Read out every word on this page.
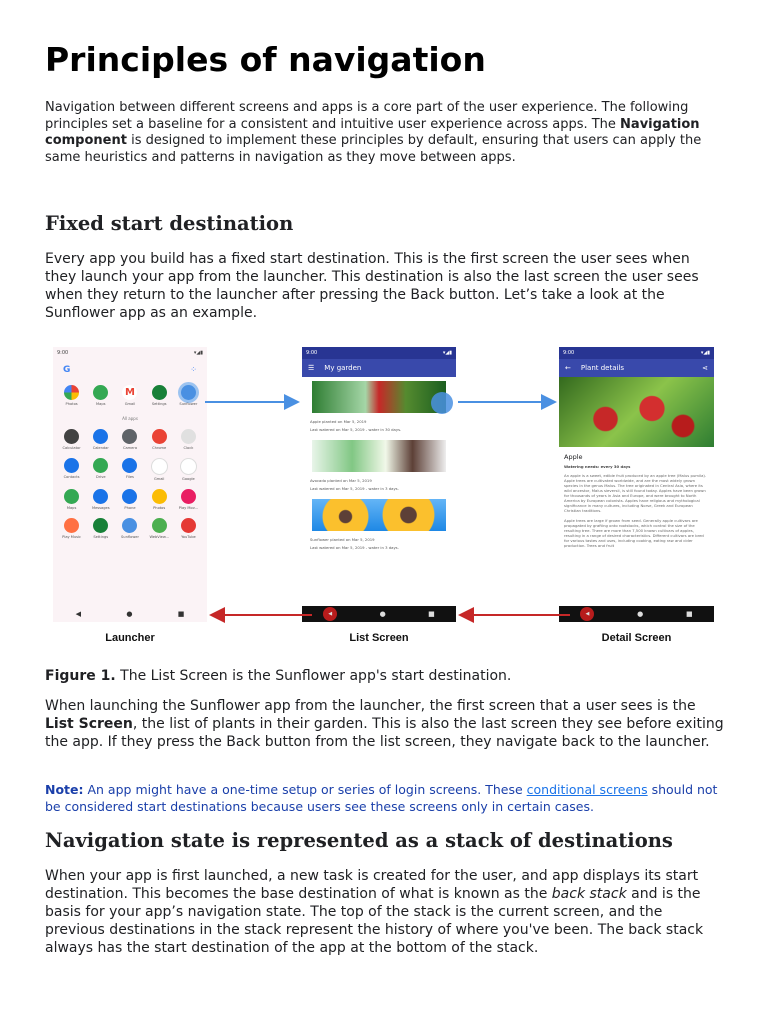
Principles of navigation

Navigation between different screens and apps is a core part of the user experience. The following principles set a baseline for a consistent and intuitive user experience across apps. The Navigation component is designed to implement these principles by default, ensuring that users can apply the same heuristics and patterns in navigation as they move between apps.

Fixed start destination

Every app you build has a fixed start destination. This is the first screen the user sees when they launch your app from the launcher. This destination is also the last screen the user sees when they return to the launcher after pressing the Back button. Let’s take a look at the Sunflower app as an example.

9:00	▾◢▮
G	⁘
Photos	Maps
M
Gmail	Settings	Sunflower
All apps
Calculator	Calendar	Camera	Chrome	Clock
Contacts	Drive	Files	Gmail	Google
Maps	Messages	Phone	Photos	Play Mov...
Play Music	Settings	Sunflower	WebView...	YouTube
◀	●	■
9:00	▾◢▮
☰ My garden
Apple planted on Mar 5, 2019
Last watered on Mar 5, 2019 - water in 30 days.
Avocado planted on Mar 5, 2019
Last watered on Mar 5, 2019 - water in 3 days.
Sunflower planted on Mar 5, 2019
Last watered on Mar 5, 2019 - water in 3 days.
◀	●	■
9:00	▾◢▮
← Plant details	⋖
Apple
Watering needs: every 30 days
An apple is a sweet, edible fruit produced by an apple tree (Malus pumila). Apple trees are cultivated worldwide, and are the most widely grown species in the genus Malus. The tree originated in Central Asia, where its wild ancestor, Malus sieversii, is still found today. Apples have been grown for thousands of years in Asia and Europe, and were brought to North America by European colonists. Apples have religious and mythological significance in many cultures, including Norse, Greek and European Christian traditions.
Apple trees are large if grown from seed. Generally apple cultivars are propagated by grafting onto rootstocks, which control the size of the resulting tree. There are more than 7,500 known cultivars of apples, resulting in a range of desired characteristics. Different cultivars are bred for various tastes and uses, including cooking, eating raw and cider production. Trees and fruit
◀	●	■
Launcher	List Screen	Detail Screen

Figure 1. The List Screen is the Sunflower app's start destination.

When launching the Sunflower app from the launcher, the first screen that a user sees is the List Screen, the list of plants in their garden. This is also the last screen they see before exiting the app. If they press the Back button from the list screen, they navigate back to the launcher.

Note: An app might have a one-time setup or series of login screens. These conditional screens should not be considered start destinations because users see these screens only in certain cases.

Navigation state is represented as a stack of destinations

When your app is first launched, a new task is created for the user, and app displays its start destination. This becomes the base destination of what is known as the back stack and is the basis for your app’s navigation state. The top of the stack is the current screen, and the previous destinations in the stack represent the history of where you've been. The back stack always has the start destination of the app at the bottom of the stack.
